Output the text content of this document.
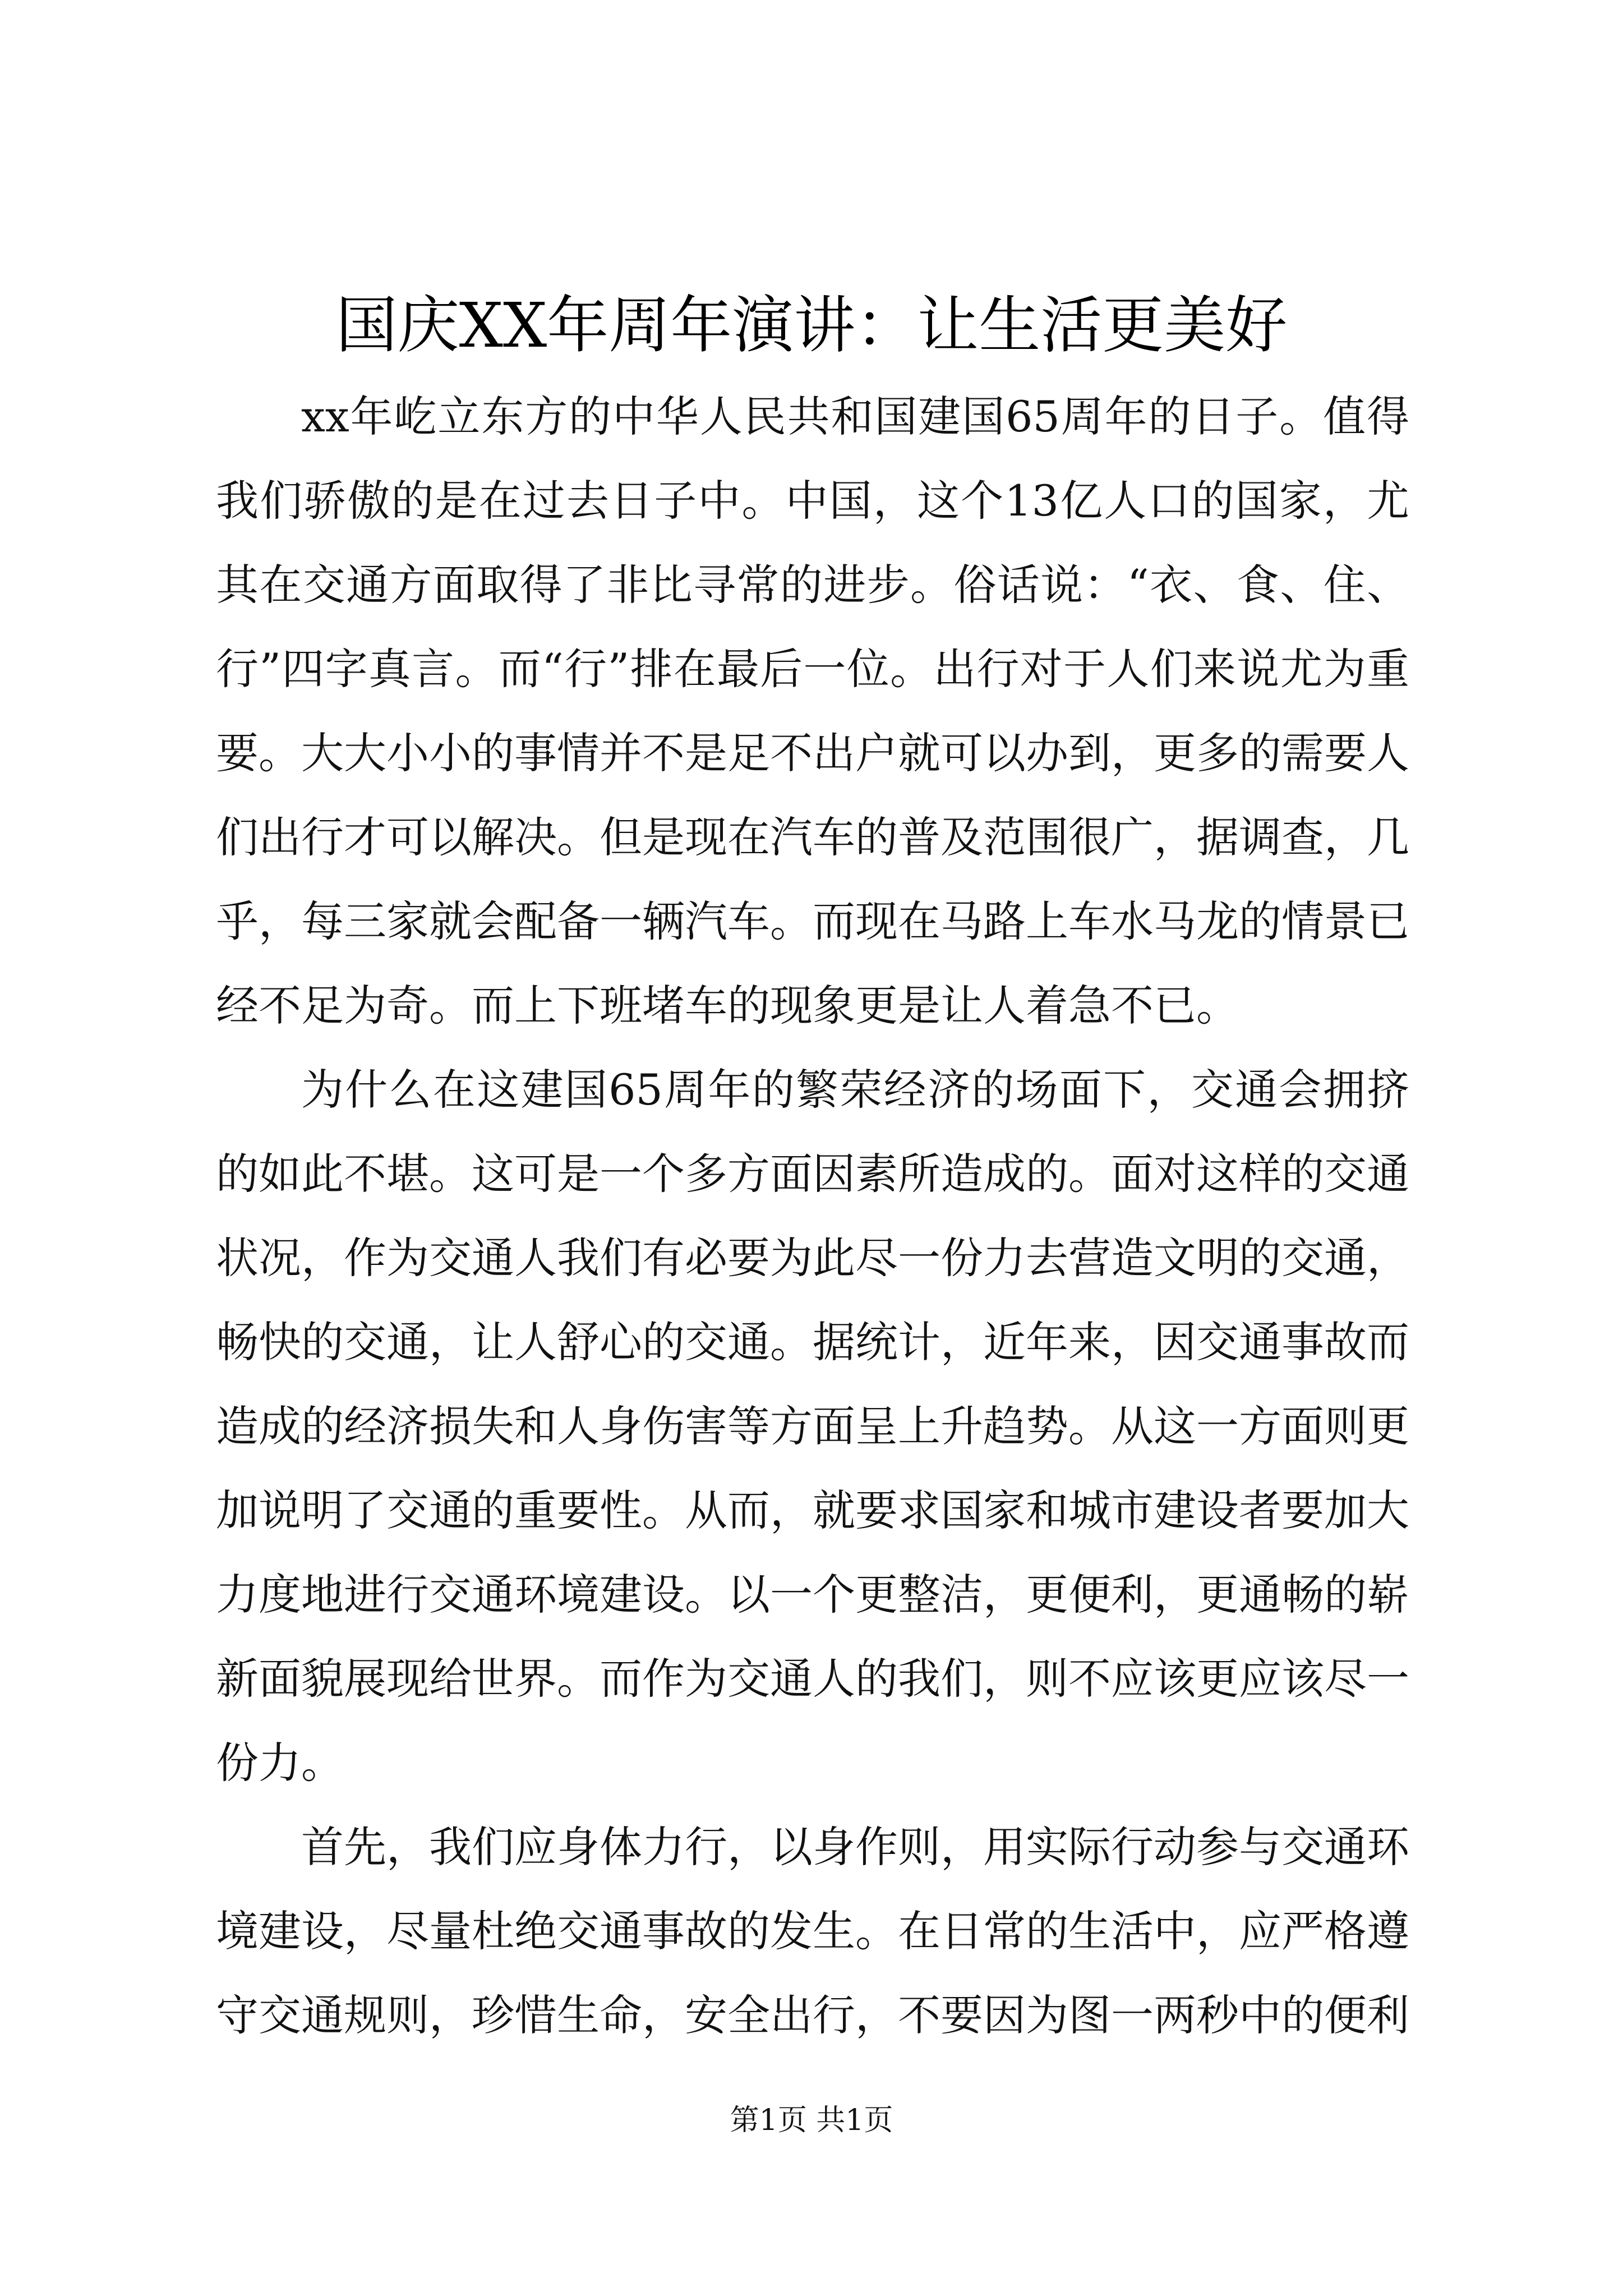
国庆XX年周年演讲：让生活更美好

xx年屹立东方的中华人民共和国建国65周年的日子。值得我们骄傲的是在过去日子中。中国，这个13亿人口的国家，尤其在交通方面取得了非比寻常的进步。俗话说：“衣、食、住、行”四字真言。而“行”排在最后一位。出行对于人们来说尤为重要。大大小小的事情并不是足不出户就可以办到，更多的需要人们出行才可以解决。但是现在汽车的普及范围很广，据调查，几乎，每三家就会配备一辆汽车。而现在马路上车水马龙的情景已经不足为奇。而上下班堵车的现象更是让人着急不已。

为什么在这建国65周年的繁荣经济的场面下，交通会拥挤的如此不堪。这可是一个多方面因素所造成的。面对这样的交通状况，作为交通人我们有必要为此尽一份力去营造文明的交通，畅快的交通，让人舒心的交通。据统计，近年来，因交通事故而造成的经济损失和人身伤害等方面呈上升趋势。从这一方面则更加说明了交通的重要性。从而，就要求国家和城市建设者要加大力度地进行交通环境建设。以一个更整洁，更便利，更通畅的崭新面貌展现给世界。而作为交通人的我们，则不应该更应该尽一份力。

首先，我们应身体力行，以身作则，用实际行动参与交通环境建设，尽量杜绝交通事故的发生。在日常的生活中，应严格遵守交通规则，珍惜生命，安全出行，不要因为图一两秒中的便利

第1页 共1页
